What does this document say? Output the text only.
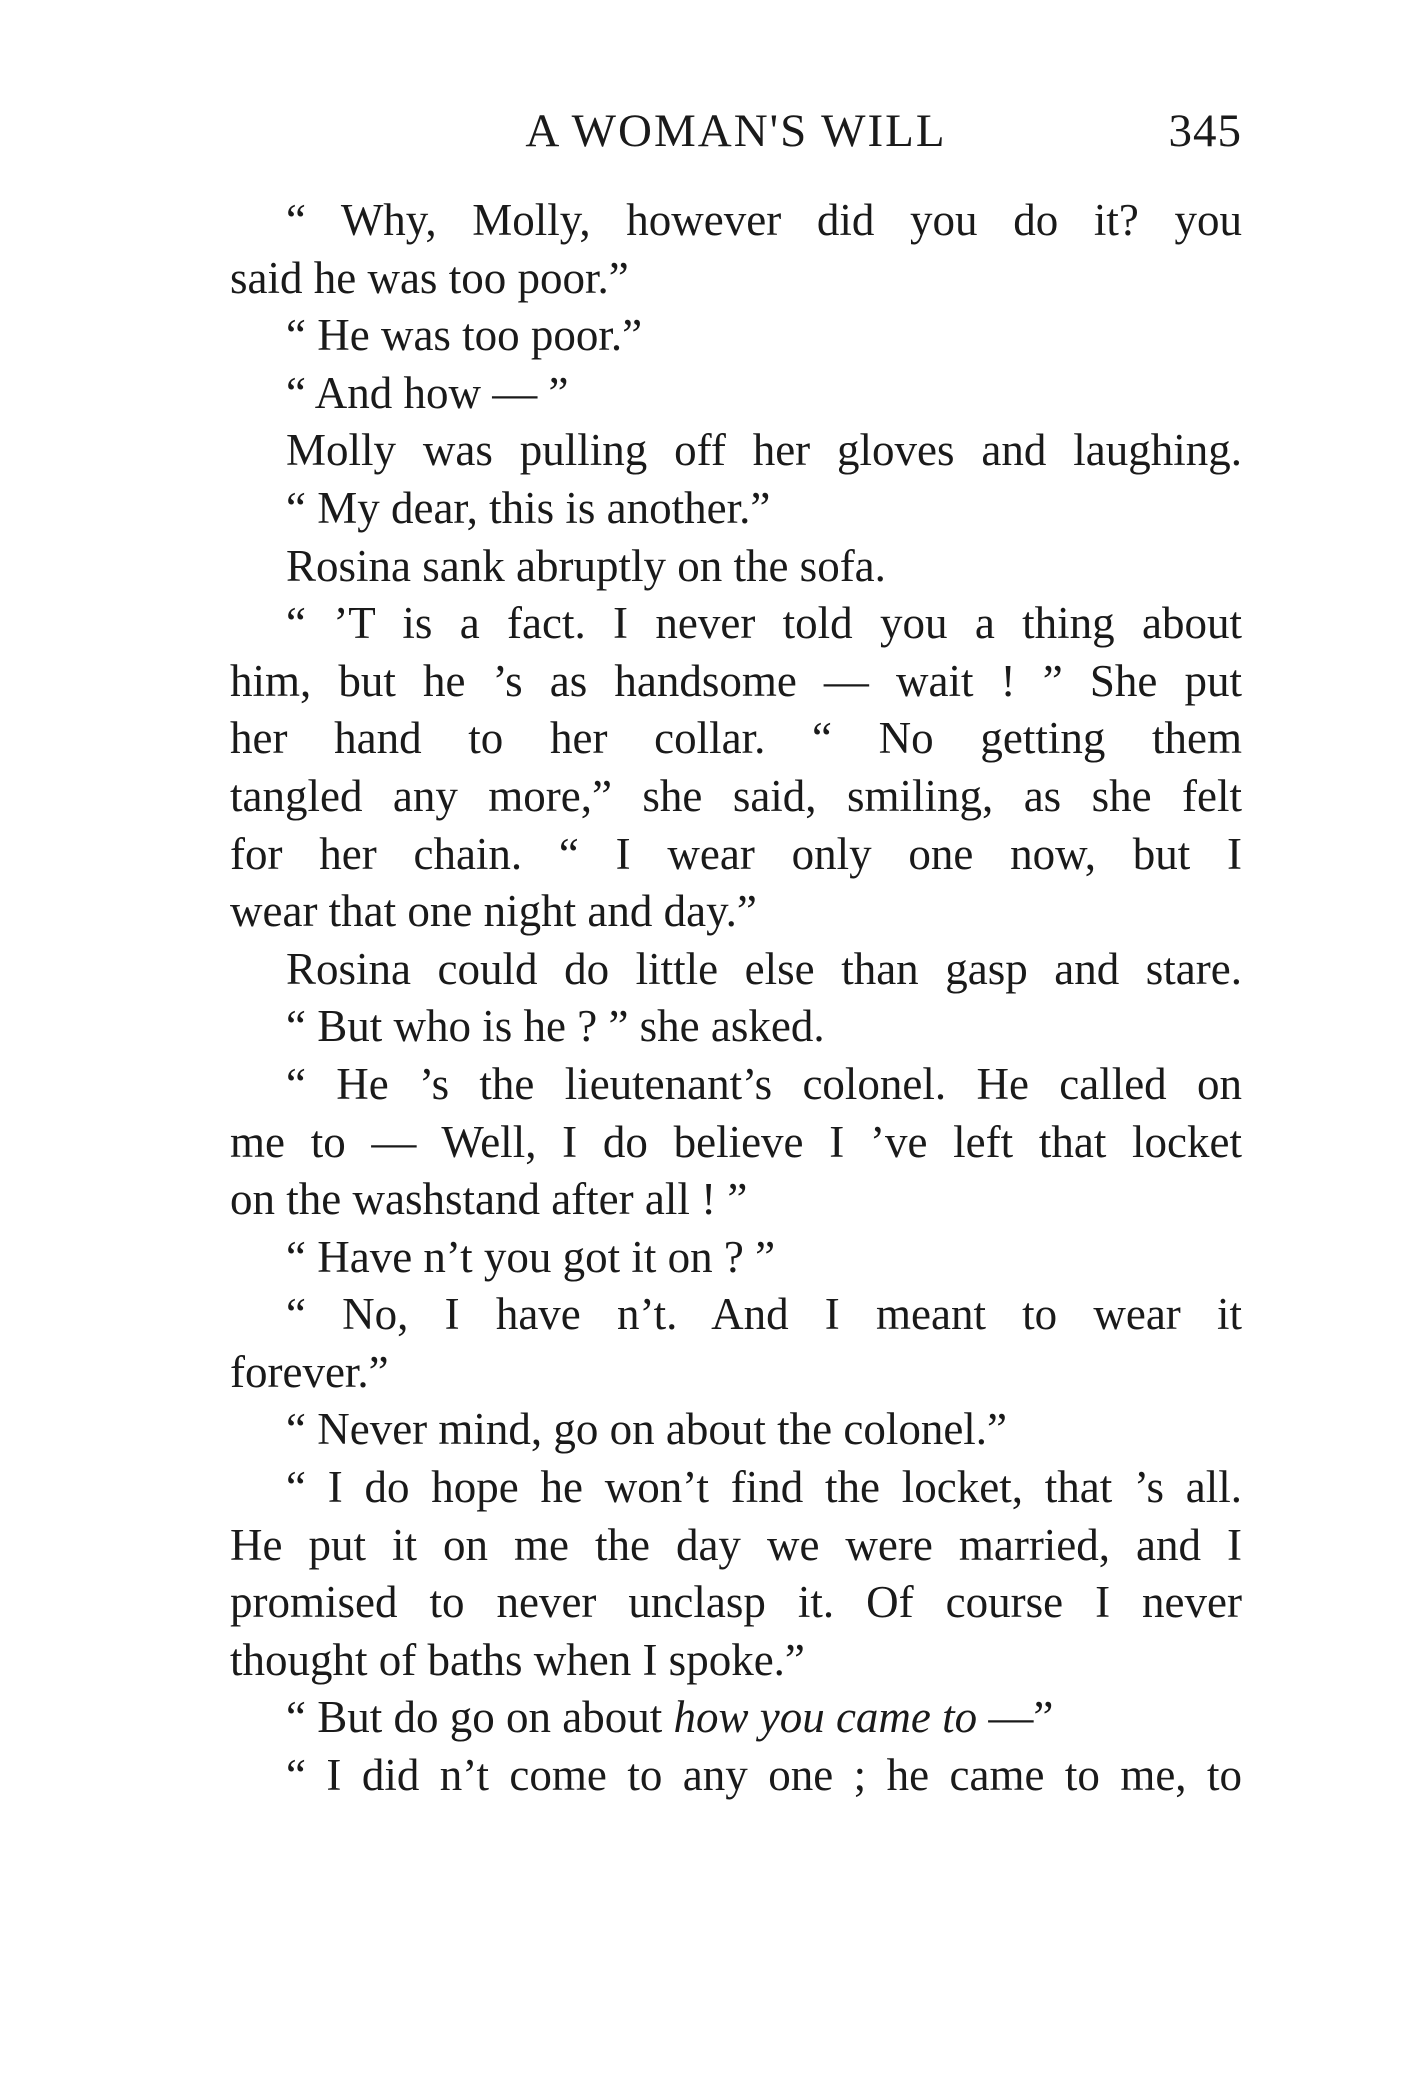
A WOMAN'S WILL	345
“ Why, Molly, however did you do it? you
said he was too poor.”
“ He was too poor.”
“ And how — ”
Molly was pulling off her gloves and laughing.
“ My dear, this is another.”
Rosina sank abruptly on the sofa.
“ ’T is a fact. I never told you a thing about
him, but he ’s as handsome — wait ! ” She put
her hand to her collar. “ No getting them
tangled any more,” she said, smiling, as she felt
for her chain. “ I wear only one now, but I
wear that one night and day.”
Rosina could do little else than gasp and stare.
“ But who is he ? ” she asked.
“ He ’s the lieutenant’s colonel. He called on
me to — Well, I do believe I ’ve left that locket
on the washstand after all ! ”
“ Have n’t you got it on ? ”
“ No, I have n’t. And I meant to wear it
forever.”
“ Never mind, go on about the colonel.”
“ I do hope he won’t find the locket, that ’s all.
He put it on me the day we were married, and I
promised to never unclasp it. Of course I never
thought of baths when I spoke.”
“ But do go on about how you came to —”
“ I did n’t come to any one ; he came to me, to
